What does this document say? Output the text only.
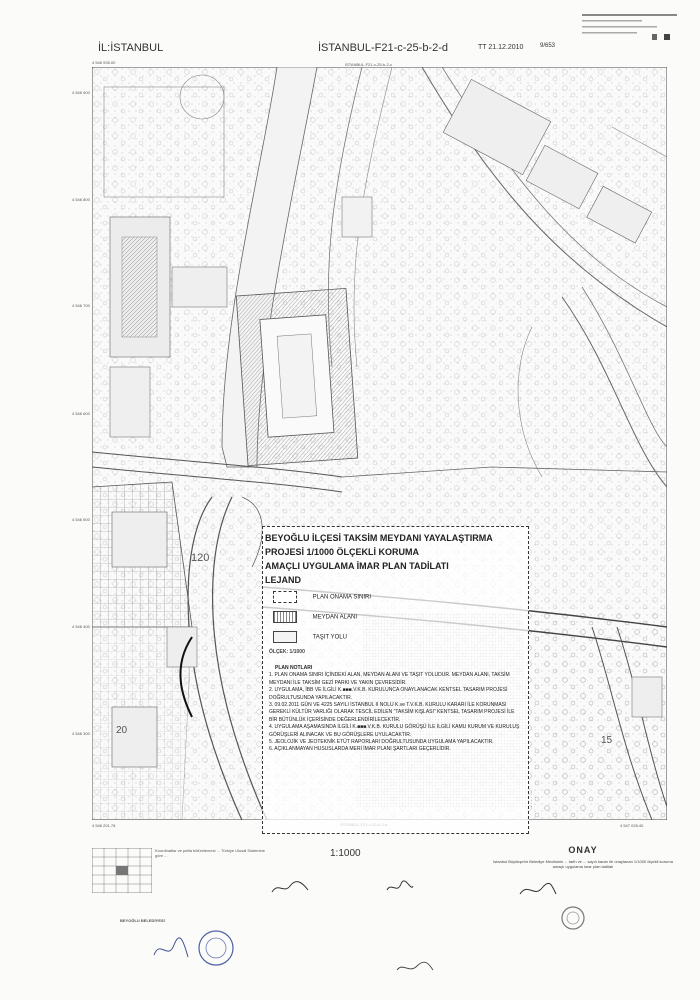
İL:İSTANBUL	İSTANBUL-F21-c-25-b-2-d	TT 21.12.2010	9/653
İSTANBUL-F21-c-25-b-2-c
4 546 900
4 546 800
4 546 700
4 546 600
4 546 500
4 546 400
4 546 300
4 546 935.00
4 546 201.78	4 547 026.40
120
15
20
BEYOĞLU İLÇESİ TAKSİM MEYDANI YAYALAŞTIRMA
PROJESİ 1/1000 ÖLÇEKLİ KORUMA
AMAÇLI UYGULAMA İMAR PLAN TADİLATI
LEJAND
PLAN ONAMA SINIRI
MEYDAN ALANI
TAŞIT YOLU
ÖLÇEK: 1/1000
PLAN NOTLARI
1. PLAN ONAMA SINIRI İÇİNDEKİ ALAN, MEYDAN ALANI VE TAŞIT YOLUDUR. MEYDAN ALANI, TAKSİM MEYDANI İLE TAKSİM GEZİ PARKI VE YAKIN ÇEVRESİDİR.
2. UYGULAMA, İBB VE İLGİLİ K.■■■.V.K.B. KURULUNCA ONAYLANACAK KENTSEL TASARIM PROJESİ DOĞRULTUSUNDA YAPILACAKTIR.
3. 09.02.2011 GÜN VE 4225 SAYILI İSTANBUL II NOLU K.ve T.V.K.B. KURULU KARARI İLE KORUNMASI GEREKLİ KÜLTÜR VARLIĞI OLARAK TESCİL EDİLEN "TAKSİM KIŞLASI" KENTSEL TASARIM PROJESİ İLE BİR BÜTÜNLÜK İÇERİSİNDE DEĞERLENDİRİLECEKTİR.
4. UYGULAMA AŞAMASINDA İLGİLİ K.■■■.V.K.B. KURULU GÖRÜŞÜ İLE İLGİLİ KAMU KURUM VE KURULUŞ GÖRÜŞLERİ ALINACAK VE BU GÖRÜŞLERE UYULACAKTIR.
5. JEOLOJİK VE JEOTEKNİK ETÜT RAPORLARI DOĞRULTUSUNDA UYGULAMA YAPILACAKTIR.
6. AÇIKLANMAYAN HUSUSLARDA MERİ İMAR PLANI ŞARTLARI GEÇERLİDİR.
1:1000
Koordinatlar ve pafta bölümlemesi ... Türkiye Ulusal Sistemine göre ...
ONAY
İstanbul Büyükşehir Belediye Meclisinin ... tarih ve ... sayılı kararı ile onaylanan 1/1000 ölçekli koruma amaçlı uygulama imar plan tadilatı
BEYOĞLU BELEDİYESİ
